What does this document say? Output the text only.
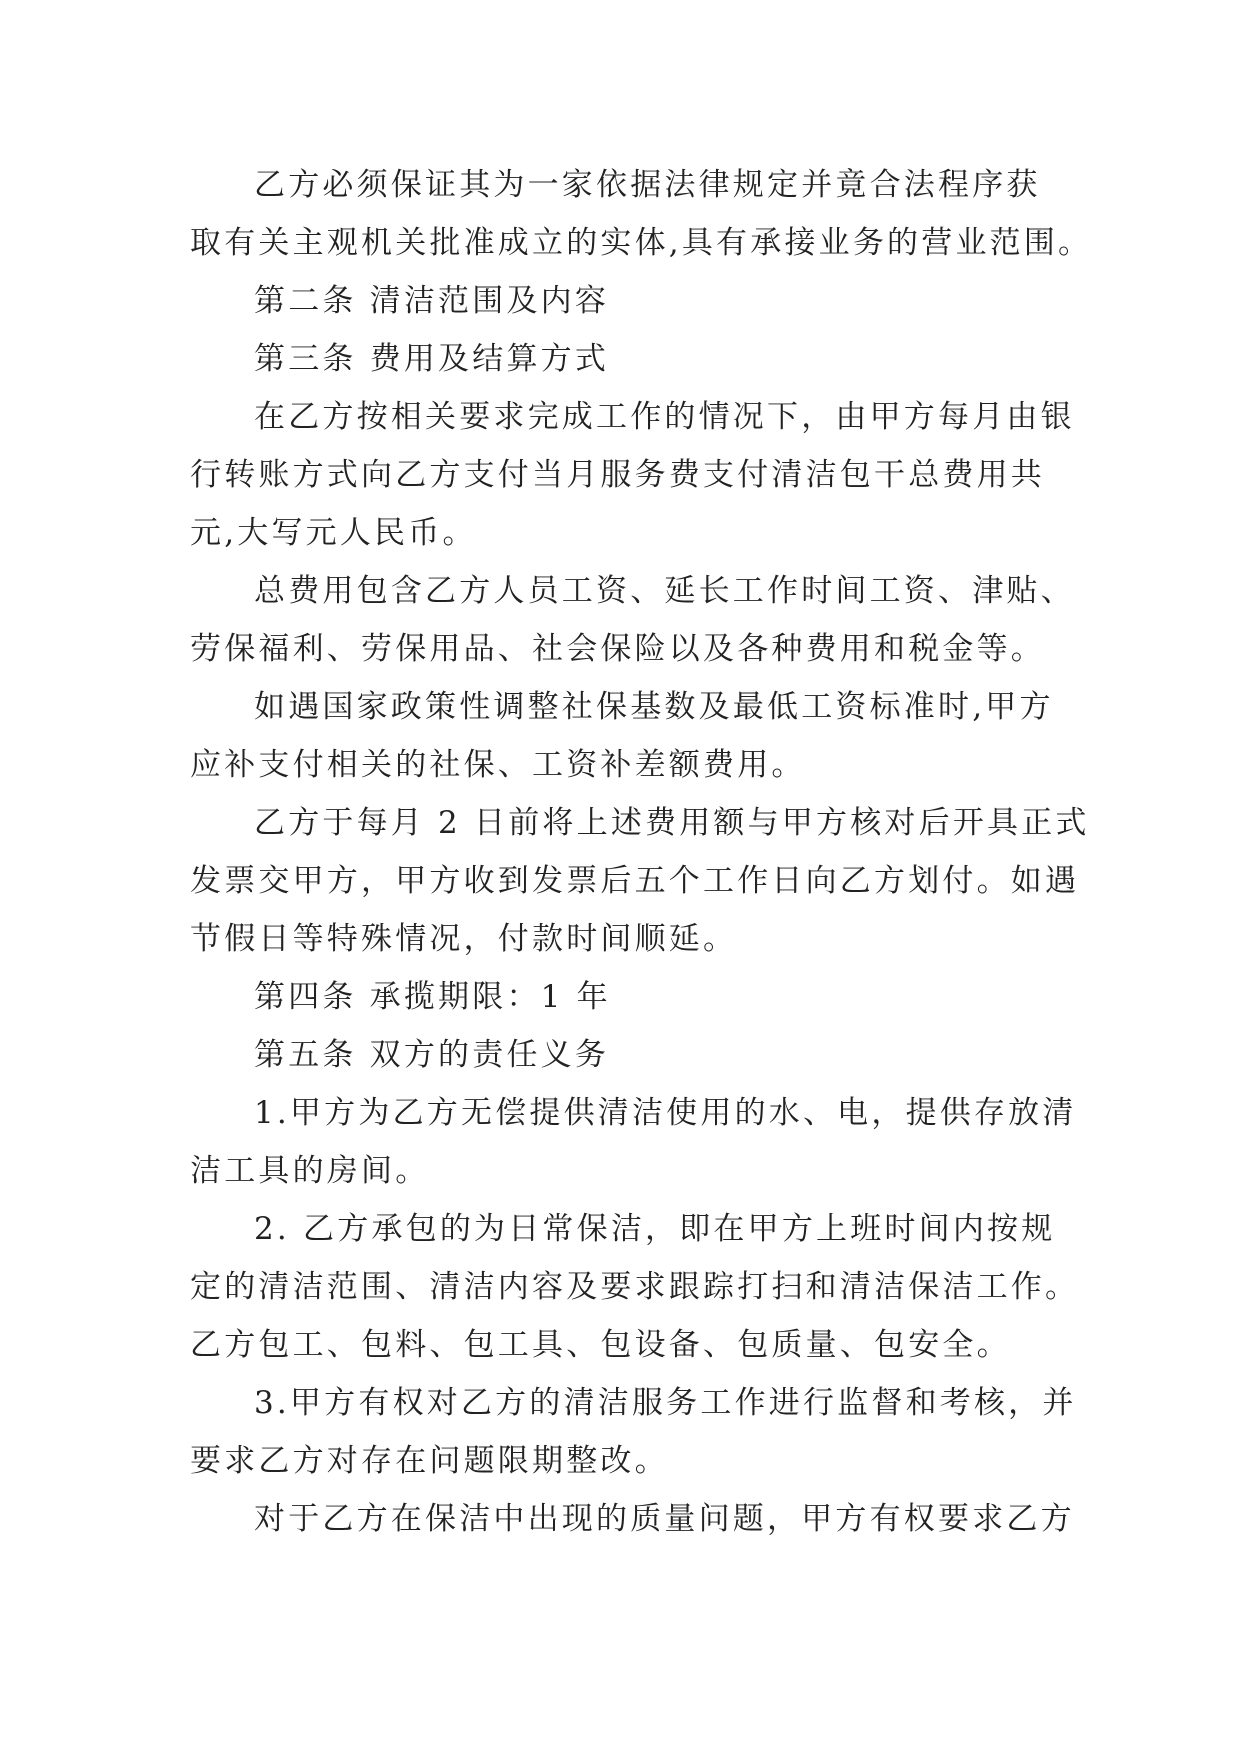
乙方必须保证其为一家依据法律规定并竟合法程序获
取有关主观机关批准成立的实体,具有承接业务的营业范围。
第二条 清洁范围及内容
第三条 费用及结算方式
在乙方按相关要求完成工作的情况下，由甲方每月由银
行转账方式向乙方支付当月服务费支付清洁包干总费用共
元,大写元人民币。
总费用包含乙方人员工资、延长工作时间工资、津贴、
劳保福利、劳保用品、社会保险以及各种费用和税金等。
如遇国家政策性调整社保基数及最低工资标准时,甲方
应补支付相关的社保、工资补差额费用。
乙方于每月 2 日前将上述费用额与甲方核对后开具正式
发票交甲方，甲方收到发票后五个工作日向乙方划付。如遇
节假日等特殊情况，付款时间顺延。
第四条 承揽期限：1 年
第五条 双方的责任义务
1.甲方为乙方无偿提供清洁使用的水、电，提供存放清
洁工具的房间。
2. 乙方承包的为日常保洁，即在甲方上班时间内按规
定的清洁范围、清洁内容及要求跟踪打扫和清洁保洁工作。
乙方包工、包料、包工具、包设备、包质量、包安全。
3.甲方有权对乙方的清洁服务工作进行监督和考核，并
要求乙方对存在问题限期整改。
对于乙方在保洁中出现的质量问题，甲方有权要求乙方
